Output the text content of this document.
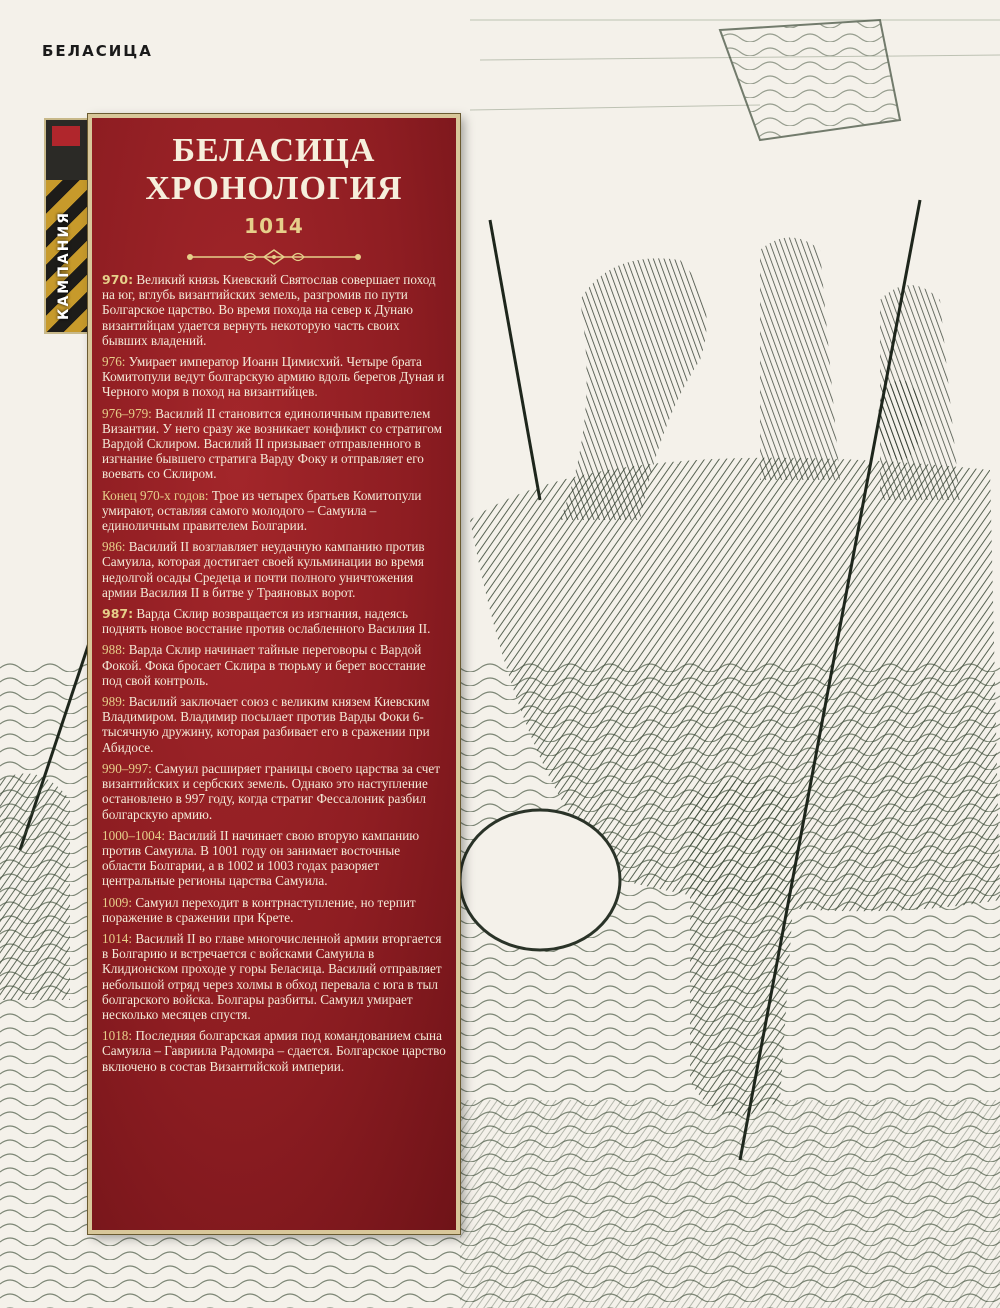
БЕЛАСИЦА
КАМПАНИЯ
БЕЛАСИЦА
ХРОНОЛОГИЯ
1014

970: Великий князь Киевский Святослав совершает поход на юг, вглубь византийских земель, разгромив по пути Болгарское царство. Во время похода на север к Дунаю византийцам удается вернуть некоторую часть своих бывших владений.

976: Умирает император Иоанн Цимисхий. Четыре брата Комитопули ведут болгарскую армию вдоль берегов Дуная и Черного моря в поход на византийцев.

976–979: Василий II становится единоличным правителем Византии. У него сразу же возникает конфликт со стратигом Вардой Склиром. Василий II призывает отправленного в изгнание бывшего стратига Варду Фоку и отправляет его воевать со Склиром.

Конец 970-х годов: Трое из четырех братьев Комитопули умирают, оставляя самого молодого – Самуила – единоличным правителем Болгарии.

986: Василий II возглавляет неудачную кампанию против Самуила, которая достигает своей кульминации во время недолгой осады Средеца и почти полного уничтожения армии Василия II в битве у Траяновых ворот.

987: Варда Склир возвращается из изгнания, надеясь поднять новое восстание против ослабленного Василия II.

988: Варда Склир начинает тайные переговоры с Вардой Фокой. Фока бросает Склира в тюрьму и берет восстание под свой контроль.

989: Василий заключает союз с великим князем Киевским Владимиром. Владимир посылает против Варды Фоки 6-тысячную дружину, которая разбивает его в сражении при Абидосе.

990–997: Самуил расширяет границы своего царства за счет византийских и сербских земель. Однако это наступление остановлено в 997 году, когда стратиг Фессалоник разбил болгарскую армию.

1000–1004: Василий II начинает свою вторую кампанию против Самуила. В 1001 году он занимает восточные области Болгарии, а в 1002 и 1003 годах разоряет центральные регионы царства Самуила.

1009: Самуил переходит в контрнаступление, но терпит поражение в сражении при Крете.

1014: Василий II во главе многочисленной армии вторгается в Болгарию и встречается с войсками Самуила в Клидионском проходе у горы Беласица. Василий отправляет небольшой отряд через холмы в обход перевала с юга в тыл болгарского войска. Болгары разбиты. Самуил умирает несколько месяцев спустя.

1018: Последняя болгарская армия под командованием сына Самуила – Гавриила Радомира – сдается. Болгарское царство включено в состав Византийской империи.
